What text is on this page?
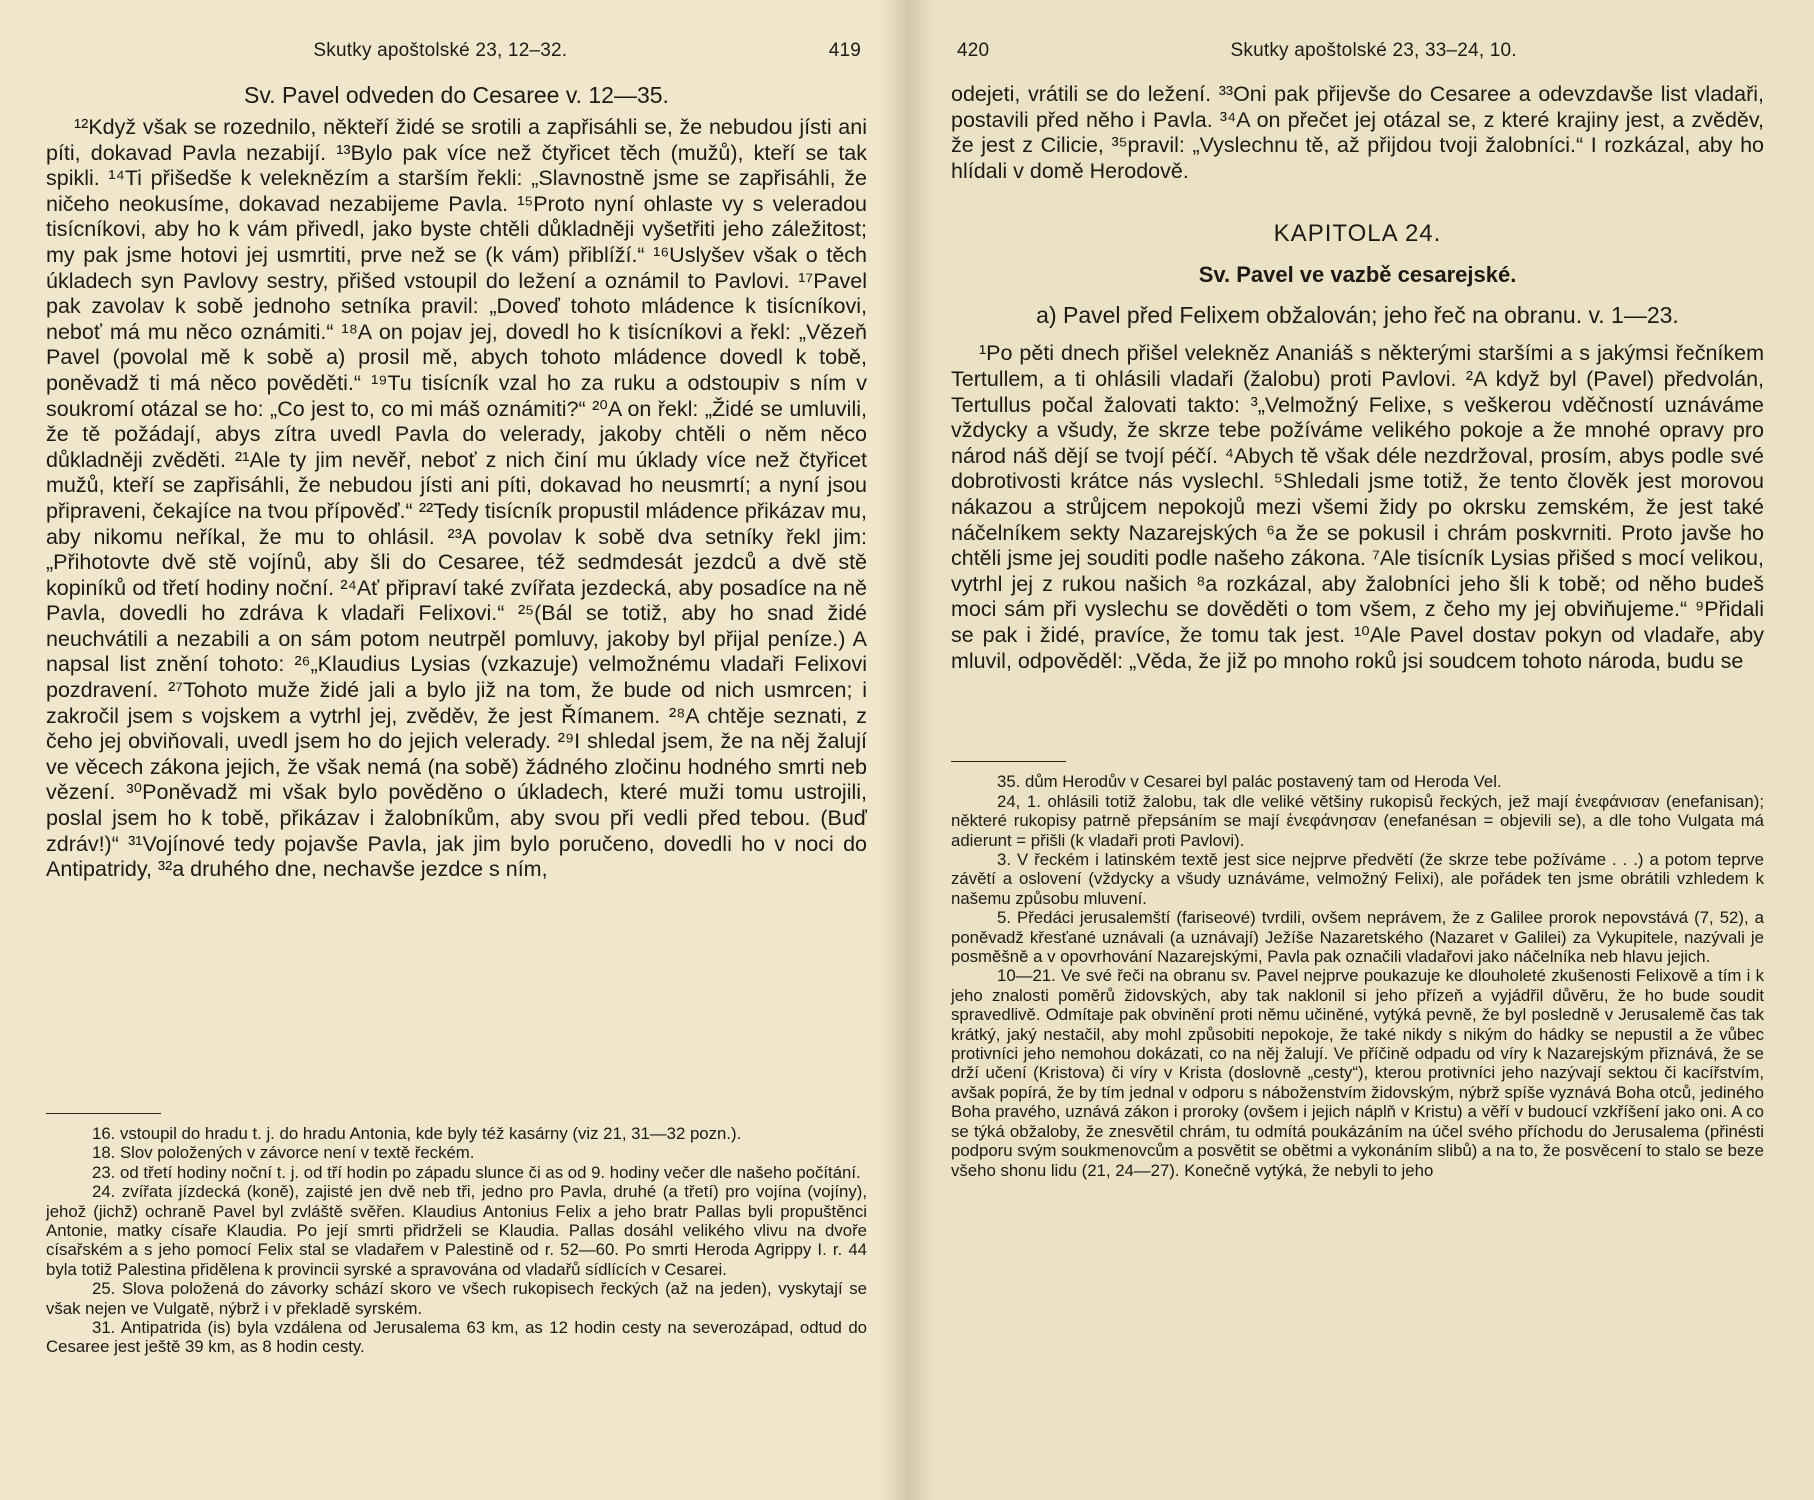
Skutky apoštolské 23, 12–32.	419
Sv. Pavel odveden do Cesaree v. 12—35.
¹²Když však se rozednilo, někteří židé se srotili a zapřisáhli se, že nebudou jísti ani píti, dokavad Pavla nezabijí. ¹³Bylo pak více než čtyřicet těch (mužů), kteří se tak spikli. ¹⁴Ti přišedše k veleknězím a starším řekli: „Slavnostně jsme se zapřisáhli, že ničeho neokusíme, dokavad nezabijeme Pavla. ¹⁵Proto nyní ohlaste vy s veleradou tisícníkovi, aby ho k vám přivedl, jako byste chtěli důkladněji vyšetřiti jeho záležitost; my pak jsme hotovi jej usmrtiti, prve než se (k vám) přiblíží.“ ¹⁶Uslyšev však o těch úkladech syn Pavlovy sestry, přišed vstoupil do ležení a oznámil to Pavlovi. ¹⁷Pavel pak zavolav k sobě jednoho setníka pravil: „Doveď tohoto mládence k tisícníkovi, neboť má mu něco oznámiti.“ ¹⁸A on pojav jej, dovedl ho k tisícníkovi a řekl: „Vězeň Pavel (povolal mě k sobě a) prosil mě, abych tohoto mládence dovedl k tobě, poněvadž ti má něco pověděti.“ ¹⁹Tu tisícník vzal ho za ruku a odstoupiv s ním v soukromí otázal se ho: „Co jest to, co mi máš oznámiti?“ ²⁰A on řekl: „Židé se umluvili, že tě požádají, abys zítra uvedl Pavla do velerady, jakoby chtěli o něm něco důkladněji zvěděti. ²¹Ale ty jim nevěř, neboť z nich činí mu úklady více než čtyřicet mužů, kteří se zapřisáhli, že nebudou jísti ani píti, dokavad ho neusmrtí; a nyní jsou připraveni, čekajíce na tvou přípověď.“ ²²Tedy tisícník propustil mládence přikázav mu, aby nikomu neříkal, že mu to ohlásil. ²³A povolav k sobě dva setníky řekl jim: „Přihotovte dvě stě vojínů, aby šli do Cesaree, též sedmdesát jezdců a dvě stě kopiníků od třetí hodiny noční. ²⁴Ať připraví také zvířata jezdecká, aby posadíce na ně Pavla, dovedli ho zdráva k vladaři Felixovi.“ ²⁵(Bál se totiž, aby ho snad židé neuchvátili a nezabili a on sám potom neutrpěl pomluvy, jakoby byl přijal peníze.) A napsal list znění tohoto: ²⁶„Klaudius Lysias (vzkazuje) velmožnému vladaři Felixovi pozdravení. ²⁷Tohoto muže židé jali a bylo již na tom, že bude od nich usmrcen; i zakročil jsem s vojskem a vytrhl jej, zvěděv, že jest Římanem. ²⁸A chtěje seznati, z čeho jej obviňovali, uvedl jsem ho do jejich velerady. ²⁹I shledal jsem, že na něj žalují ve věcech zákona jejich, že však nemá (na sobě) žádného zločinu hodného smrti neb vězení. ³⁰Poněvadž mi však bylo pověděno o úkladech, které muži tomu ustrojili, poslal jsem ho k tobě, přikázav i žalobníkům, aby svou při vedli před tebou. (Buď zdráv!)“ ³¹Vojínové tedy pojavše Pavla, jak jim bylo poručeno, dovedli ho v noci do Antipatridy, ³²a druhého dne, nechavše jezdce s ním,

16. vstoupil do hradu t. j. do hradu Antonia, kde byly též kasárny (viz 21, 31—32 pozn.).

18. Slov položených v závorce není v textě řeckém.

23. od třetí hodiny noční t. j. od tří hodin po západu slunce či as od 9. hodiny večer dle našeho počítání.

24. zvířata jízdecká (koně), zajisté jen dvě neb tři, jedno pro Pavla, druhé (a třetí) pro vojína (vojíny), jehož (jichž) ochraně Pavel byl zvláště svěřen. Klaudius Antonius Felix a jeho bratr Pallas byli propuštěnci Antonie, matky císaře Klaudia. Po její smrti přidrželi se Klaudia. Pallas dosáhl velikého vlivu na dvoře císařském a s jeho pomocí Felix stal se vladařem v Palestině od r. 52—60. Po smrti Heroda Agrippy I. r. 44 byla totiž Palestina přidělena k provincii syrské a spravována od vladařů sídlících v Cesarei.

25. Slova položená do závorky schází skoro ve všech rukopisech řeckých (až na jeden), vyskytají se však nejen ve Vulgatě, nýbrž i v překladě syrském.

31. Antipatrida (is) byla vzdálena od Jerusalema 63 km, as 12 hodin cesty na severozápad, odtud do Cesaree jest ještě 39 km, as 8 hodin cesty.

420	Skutky apoštolské 23, 33–24, 10.
odejeti, vrátili se do ležení. ³³Oni pak přijevše do Cesaree a odevzdavše list vladaři, postavili před něho i Pavla. ³⁴A on přečet jej otázal se, z které krajiny jest, a zvěděv, že jest z Cilicie, ³⁵pravil: „Vyslechnu tě, až přijdou tvoji žalobníci.“ I rozkázal, aby ho hlídali v domě Herodově.
KAPITOLA 24.
Sv. Pavel ve vazbě cesarejské.
a) Pavel před Felixem obžalován; jeho řeč na obranu. v. 1—23.
¹Po pěti dnech přišel velekněz Ananiáš s některými staršími a s jakýmsi řečníkem Tertullem, a ti ohlásili vladaři (žalobu) proti Pavlovi. ²A když byl (Pavel) předvolán, Tertullus počal žalovati takto: ³„Velmožný Felixe, s veškerou vděčností uznáváme vždycky a všudy, že skrze tebe požíváme velikého pokoje a že mnohé opravy pro národ náš dějí se tvojí péčí. ⁴Abych tě však déle nezdržoval, prosím, abys podle své dobrotivosti krátce nás vyslechl. ⁵Shledali jsme totiž, že tento člověk jest morovou nákazou a strůjcem nepokojů mezi všemi židy po okrsku zemském, že jest také náčelníkem sekty Nazarejských ⁶a že se pokusil i chrám poskvrniti. Proto javše ho chtěli jsme jej souditi podle našeho zákona. ⁷Ale tisícník Lysias přišed s mocí velikou, vytrhl jej z rukou našich ⁸a rozkázal, aby žalobníci jeho šli k tobě; od něho budeš moci sám při vyslechu se dověděti o tom všem, z čeho my jej obviňujeme.“ ⁹Přidali se pak i židé, pravíce, že tomu tak jest. ¹⁰Ale Pavel dostav pokyn od vladaře, aby mluvil, odpověděl: „Věda, že již po mnoho roků jsi soudcem tohoto národa, budu se

35. dům Herodův v Cesarei byl palác postavený tam od Heroda Vel.

24, 1. ohlásili totiž žalobu, tak dle veliké většiny rukopisů řeckých, jež mají ἐνεφάνισαν (enefanisan); některé rukopisy patrně přepsáním se mají ἐνεφάνησαν (enefanésan = objevili se), a dle toho Vulgata má adierunt = přišli (k vladaři proti Pavlovi).

3. V řeckém i latinském textě jest sice nejprve předvětí (že skrze tebe požíváme . . .) a potom teprve závětí a oslovení (vždycky a všudy uznáváme, velmožný Felixi), ale pořádek ten jsme obrátili vzhledem k našemu způsobu mluvení.

5. Předáci jerusalemští (fariseové) tvrdili, ovšem neprávem, že z Galilee prorok nepovstává (7, 52), a poněvadž křesťané uznávali (a uznávají) Ježíše Nazaretského (Nazaret v Galilei) za Vykupitele, nazývali je posměšně a v opovrhování Nazarejskými, Pavla pak označili vladařovi jako náčelníka neb hlavu jejich.

10—21. Ve své řeči na obranu sv. Pavel nejprve poukazuje ke dlouholeté zkušenosti Felixově a tím i k jeho znalosti poměrů židovských, aby tak naklonil si jeho přízeň a vyjádřil důvěru, že ho bude soudit spravedlivě. Odmítaje pak obvinění proti němu učiněné, vytýká pevně, že byl posledně v Jerusalemě čas tak krátký, jaký nestačil, aby mohl způsobiti nepokoje, že také nikdy s nikým do hádky se nepustil a že vůbec protivníci jeho nemohou dokázati, co na něj žalují. Ve příčině odpadu od víry k Nazarejským přiznává, že se drží učení (Kristova) či víry v Krista (doslovně „cesty“), kterou protivníci jeho nazývají sektou či kacířstvím, avšak popírá, že by tím jednal v odporu s náboženstvím židovským, nýbrž spíše vyznává Boha otců, jediného Boha pravého, uznává zákon i proroky (ovšem i jejich náplň v Kristu) a věří v budoucí vzkříšení jako oni. A co se týká obžaloby, že znesvětil chrám, tu odmítá poukázáním na účel svého příchodu do Jerusalema (přinésti podporu svým soukmenovcům a posvětit se obětmi a vykonáním slibů) a na to, že posvěcení to stalo se beze všeho shonu lidu (21, 24—27). Konečně vytýká, že nebyli to jeho
